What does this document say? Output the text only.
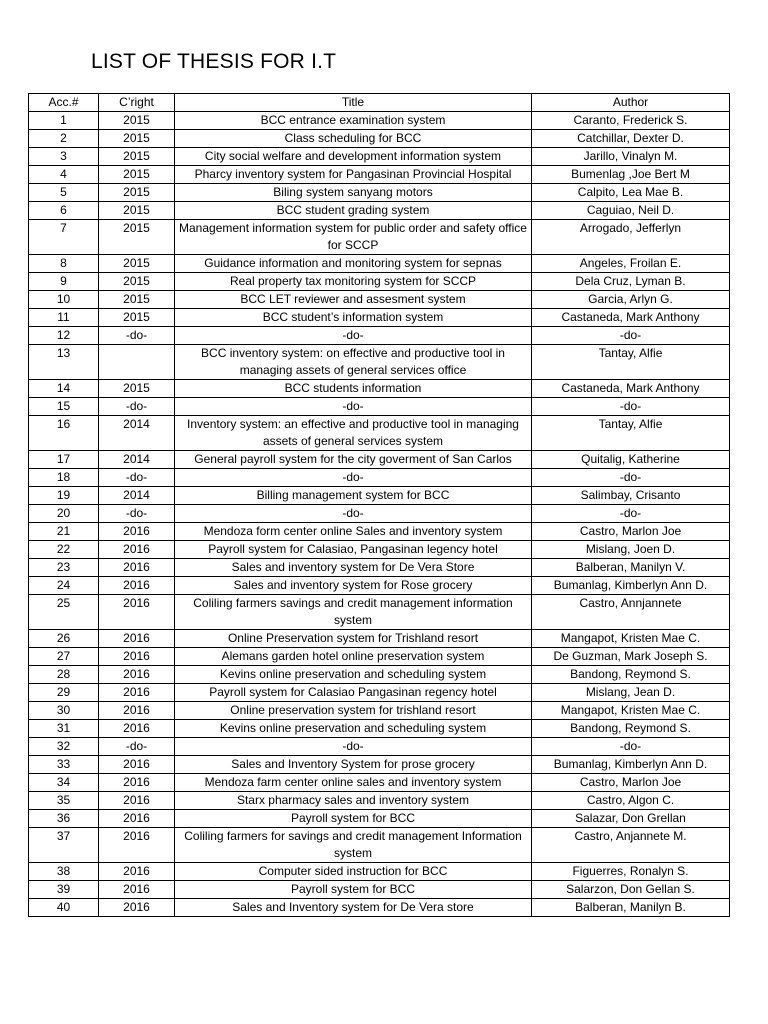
LIST OF THESIS FOR I.T
Acc.#	C’right	Title	Author
1	2015	BCC entrance examination system	Caranto, Frederick S.
2	2015	Class scheduling for BCC	Catchillar, Dexter D.
3	2015	City social welfare and development information system	Jarillo, Vinalyn M.
4	2015	Pharcy inventory system for Pangasinan Provincial Hospital	Bumenlag ,Joe Bert M
5	2015	Biling system sanyang motors	Calpito, Lea Mae B.
6	2015	BCC student grading system	Caguiao, Neil D.
7	2015	Management information system for public order and safety office for SCCP	Arrogado, Jefferlyn
8	2015	Guidance information and monitoring system for sepnas	Angeles, Froilan E.
9	2015	Real property tax monitoring system for SCCP	Dela Cruz, Lyman B.
10	2015	BCC LET reviewer and assesment system	Garcia, Arlyn G.
11	2015	BCC student’s information system	Castaneda, Mark Anthony
12	-do-	-do-	-do-
13		BCC inventory system: on effective and productive tool in managing assets of general services office	Tantay, Alfie
14	2015	BCC students information	Castaneda, Mark Anthony
15	-do-	-do-	-do-
16	2014	Inventory system: an effective and productive tool in managing assets of general services system	Tantay, Alfie
17	2014	General payroll system for the city goverment of San Carlos	Quitalig, Katherine
18	-do-	-do-	-do-
19	2014	Billing management system for BCC	Salimbay, Crisanto
20	-do-	-do-	-do-
21	2016	Mendoza form center online Sales and inventory system	Castro, Marlon Joe
22	2016	Payroll system for Calasiao, Pangasinan legency hotel	Mislang, Joen D.
23	2016	Sales and inventory system for De Vera Store	Balberan, Manilyn V.
24	2016	Sales and inventory system for Rose grocery	Bumanlag, Kimberlyn Ann D.
25	2016	Coliling farmers savings and credit management information system	Castro, Annjannete
26	2016	Online Preservation system for Trishland resort	Mangapot, Kristen Mae C.
27	2016	Alemans garden hotel online preservation system	De Guzman, Mark Joseph S.
28	2016	Kevins online preservation and scheduling system	Bandong, Reymond S.
29	2016	Payroll system for Calasiao Pangasinan regency hotel	Mislang, Jean D.
30	2016	Online preservation system for trishland resort	Mangapot, Kristen Mae C.
31	2016	Kevins online preservation and scheduling system	Bandong, Reymond S.
32	-do-	-do-	-do-
33	2016	Sales and Inventory System for prose grocery	Bumanlag, Kimberlyn Ann D.
34	2016	Mendoza farm center online sales and inventory system	Castro, Marlon Joe
35	2016	Starx pharmacy sales and inventory system	Castro, Algon C.
36	2016	Payroll system for BCC	Salazar, Don Grellan
37	2016	Coliling farmers for savings and credit management Information system	Castro, Anjannete M.
38	2016	Computer sided instruction for BCC	Figuerres, Ronalyn S.
39	2016	Payroll system for BCC	Salarzon, Don Gellan S.
40	2016	Sales and Inventory system for De Vera store	Balberan, Manilyn B.
